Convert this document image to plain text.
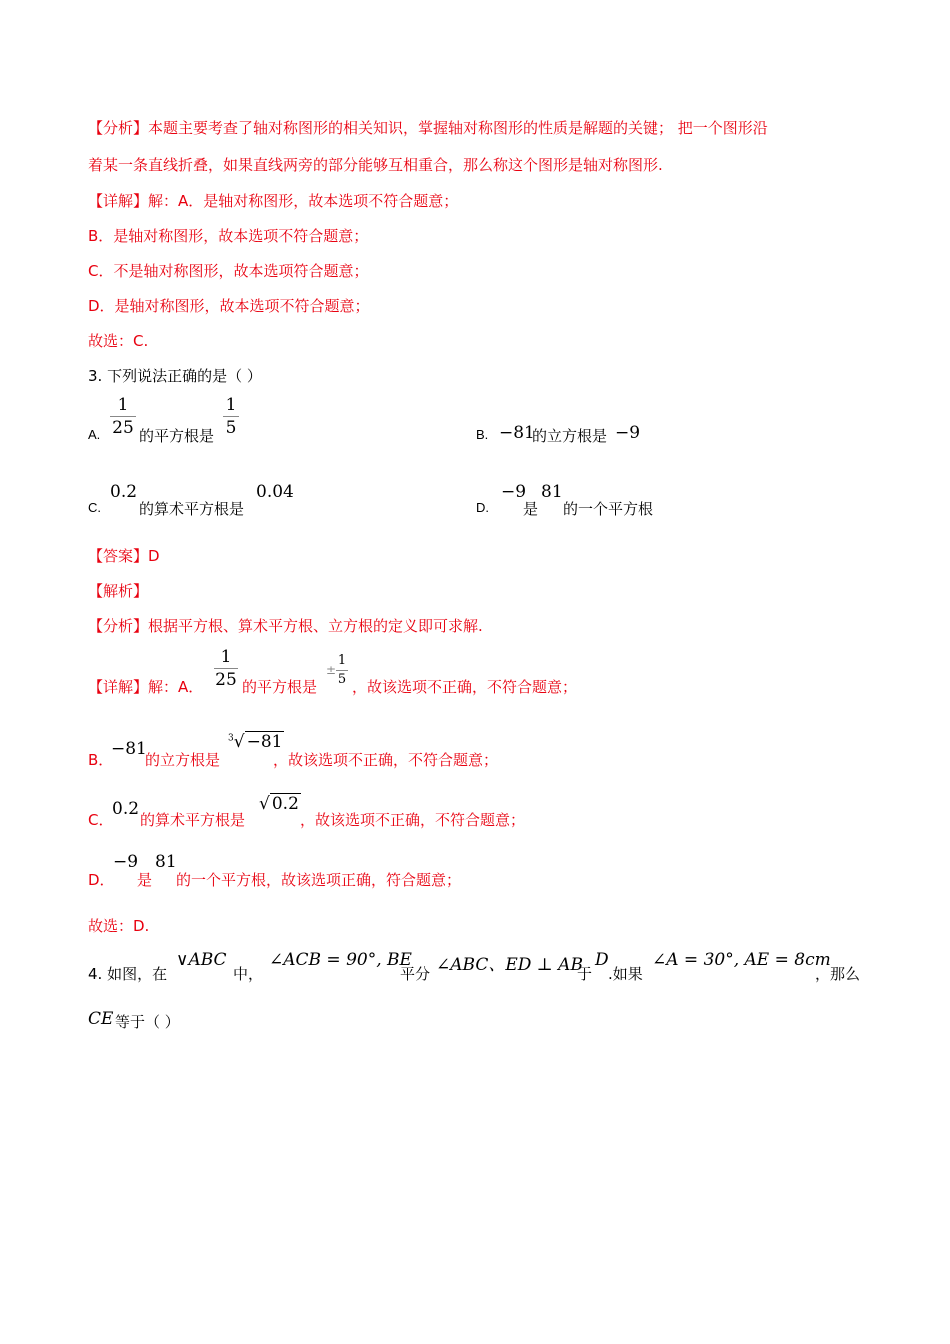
【分析】本题主要考查了轴对称图形的相关知识，掌握轴对称图形的性质是解题的关键； 把一个图形沿
着某一条直线折叠，如果直线两旁的部分能够互相重合，那么称这个图形是轴对称图形.
【详解】解：A．是轴对称图形，故本选项不符合题意；
B．是轴对称图形，故本选项不符合题意；
C．不是轴对称图形，故本选项符合题意；
D．是轴对称图形，故本选项不符合题意；
故选：C.
3. 下列说法正确的是（ ）
A.
1
25 的平方根是
1
5	B. −81
的立方根是 −9
C.
0.2
的算术平方根是
0.04
D.
−9
是
81
的一个平方根
【答案】D
【解析】
【分析】根据平方根、算术平方根、立方根的定义即可求解.
【详解】解：A．
1
25 的平方根是
±
1
5 ，故该选项不正确，不符合题意；
B．
−81
的立方根是
$^3$√ −81
，故该选项不正确，不符合题意；
C．
0.2
的算术平方根是
√ 0.2
，故该选项不正确，不符合题意；
D．
−9
是
81
的一个平方根，故该选项正确，符合题意；
故选：D.
4. 如图，在
∨ABC
中，
∠ACB = 90°, BE
平分 ∠ABC、ED ⊥ AB
于
D
.如果
∠A = 30°, AE = 8cm
，那么
CE 等于（ ）
